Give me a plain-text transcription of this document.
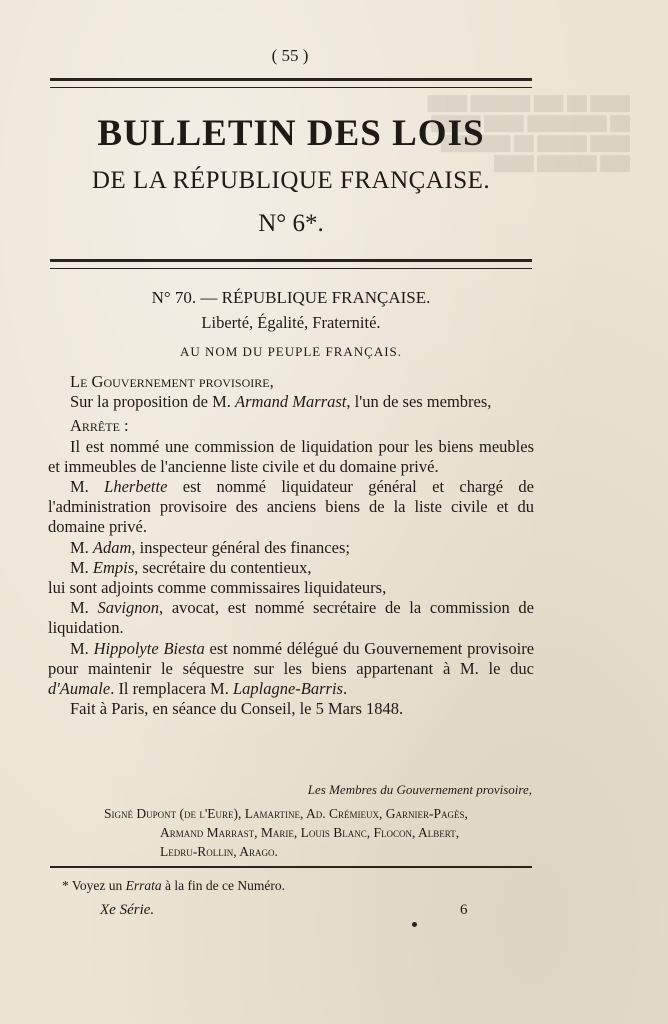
████ ██ ███ ██████ ████
██ ████████ ████ █████
████ █████ ██ ███████
███ ██████ ████
( 55 )
BULLETIN DES LOIS
DE LA RÉPUBLIQUE FRANÇAISE.
N° 6*.
N° 70. — RÉPUBLIQUE FRANÇAISE.
Liberté, Égalité, Fraternité.
AU NOM DU PEUPLE FRANÇAIS.

Le Gouvernement provisoire,

Sur la proposition de M. Armand Marrast, l'un de ses membres,

Arrête :

Il est nommé une commission de liquidation pour les biens meubles et immeubles de l'ancienne liste civile et du domaine privé.

M. Lherbette est nommé liquidateur général et chargé de l'administration provisoire des anciens biens de la liste civile et du domaine privé.

M. Adam, inspecteur général des finances;

M. Empis, secrétaire du contentieux,

lui sont adjoints comme commissaires liquidateurs,

M. Savignon, avocat, est nommé secrétaire de la commission de liquidation.

M. Hippolyte Biesta est nommé délégué du Gouvernement provisoire pour maintenir le séquestre sur les biens appartenant à M. le duc d'Aumale. Il remplacera M. Laplagne-Barris.

Fait à Paris, en séance du Conseil, le 5 Mars 1848.

Les Membres du Gouvernement provisoire,
Signé Dupont (de l'Eure), Lamartine, Ad. Crémieux, Garnier-Pagès,
Armand Marrast, Marie, Louis Blanc, Flocon, Albert,
Ledru-Rollin, Arago.
* Voyez un Errata à la fin de ce Numéro.
Xe Série.	6
